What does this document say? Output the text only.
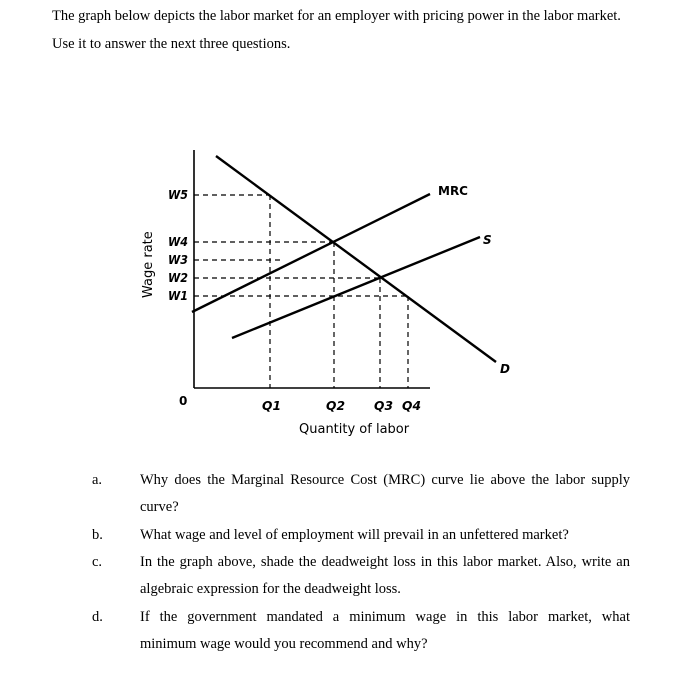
The graph below depicts the labor market for an employer with pricing power in the labor market. Use it to answer the next three questions.

MRC
S
D
W5
W4
W3
W2
W1
0	Q1	Q2 Q3 Q4
Quantity of labor
Wage rate
a.	Why does the Marginal Resource Cost (MRC) curve lie above the labor supply
curve?
b.	What wage and level of employment will prevail in an unfettered market?
c.	In the graph above, shade the deadweight loss in this labor market. Also, write an
algebraic expression for the deadweight loss.
d.	If the government mandated a minimum wage in this labor market, what
minimum wage would you recommend and why?
